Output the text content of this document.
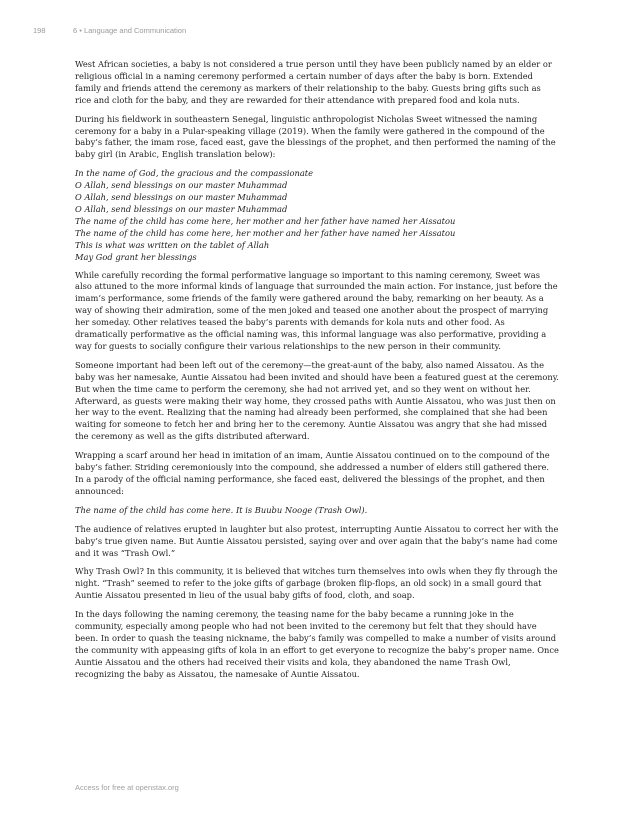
198	6 • Language and Communication

West African societies, a baby is not considered a true person until they have been publicly named by an elder or religious official in a naming ceremony performed a certain number of days after the baby is born. Extended family and friends attend the ceremony as markers of their relationship to the baby. Guests bring gifts such as rice and cloth for the baby, and they are rewarded for their attendance with prepared food and kola nuts.

During his fieldwork in southeastern Senegal, linguistic anthropologist Nicholas Sweet witnessed the naming ceremony for a baby in a Pular-speaking village (2019). When the family were gathered in the compound of the baby’s father, the imam rose, faced east, gave the blessings of the prophet, and then performed the naming of the baby girl (in Arabic, English translation below):

In the name of God, the gracious and the compassionate
O Allah, send blessings on our master Muhammad
O Allah, send blessings on our master Muhammad
O Allah, send blessings on our master Muhammad
The name of the child has come here, her mother and her father have named her Aissatou
The name of the child has come here, her mother and her father have named her Aissatou
This is what was written on the tablet of Allah
May God grant her blessings

While carefully recording the formal performative language so important to this naming ceremony, Sweet was also attuned to the more informal kinds of language that surrounded the main action. For instance, just before the imam’s performance, some friends of the family were gathered around the baby, remarking on her beauty. As a way of showing their admiration, some of the men joked and teased one another about the prospect of marrying her someday. Other relatives teased the baby’s parents with demands for kola nuts and other food. As dramatically performative as the official naming was, this informal language was also performative, providing a way for guests to socially configure their various relationships to the new person in their community.

Someone important had been left out of the ceremony—the great-aunt of the baby, also named Aissatou. As the baby was her namesake, Auntie Aissatou had been invited and should have been a featured guest at the ceremony. But when the time came to perform the ceremony, she had not arrived yet, and so they went on without her. Afterward, as guests were making their way home, they crossed paths with Auntie Aissatou, who was just then on her way to the event. Realizing that the naming had already been performed, she complained that she had been waiting for someone to fetch her and bring her to the ceremony. Auntie Aissatou was angry that she had missed the ceremony as well as the gifts distributed afterward.

Wrapping a scarf around her head in imitation of an imam, Auntie Aissatou continued on to the compound of the baby’s father. Striding ceremoniously into the compound, she addressed a number of elders still gathered there. In a parody of the official naming performance, she faced east, delivered the blessings of the prophet, and then announced:

The name of the child has come here. It is Buubu Nooge (Trash Owl).

The audience of relatives erupted in laughter but also protest, interrupting Auntie Aissatou to correct her with the baby’s true given name. But Auntie Aissatou persisted, saying over and over again that the baby’s name had come and it was “Trash Owl.”

Why Trash Owl? In this community, it is believed that witches turn themselves into owls when they fly through the night. “Trash” seemed to refer to the joke gifts of garbage (broken flip-flops, an old sock) in a small gourd that Auntie Aissatou presented in lieu of the usual baby gifts of food, cloth, and soap.

In the days following the naming ceremony, the teasing name for the baby became a running joke in the community, especially among people who had not been invited to the ceremony but felt that they should have been. In order to quash the teasing nickname, the baby’s family was compelled to make a number of visits around the community with appeasing gifts of kola in an effort to get everyone to recognize the baby’s proper name. Once Auntie Aissatou and the others had received their visits and kola, they abandoned the name Trash Owl, recognizing the baby as Aissatou, the namesake of Auntie Aissatou.

Access for free at openstax.org
